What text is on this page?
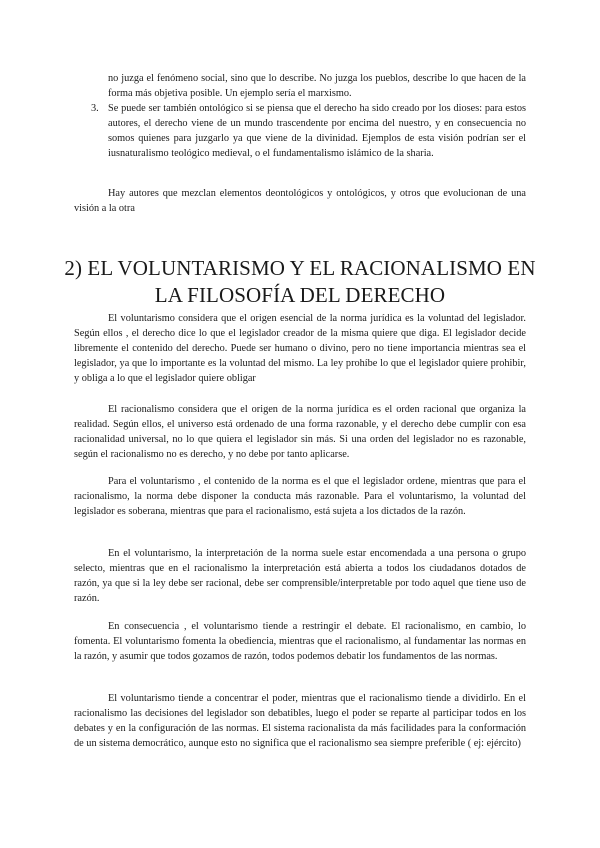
no juzga el fenómeno social, sino que lo describe. No juzga los pueblos, describe lo que hacen de la forma más objetiva posible. Un ejemplo sería el marxismo.

3. Se puede ser también ontológico si se piensa que el derecho ha sido creado por los dioses: para estos autores, el derecho viene de un mundo trascendente por encima del nuestro, y en consecuencia no somos quienes para juzgarlo ya que viene de la divinidad. Ejemplos de esta visión podrían ser el iusnaturalismo teológico medieval, o el fundamentalismo islámico de la sharia.

Hay autores que mezclan elementos deontológicos y ontológicos, y otros que evolucionan de una visión a la otra

2) EL VOLUNTARISMO Y EL RACIONALISMO EN LA FILOSOFÍA DEL DERECHO

El voluntarismo considera que el origen esencial de la norma jurídica es la voluntad del legislador. Según ellos , el derecho dice lo que el legislador creador de la misma quiere que diga. El legislador decide libremente el contenido del derecho. Puede ser humano o divino, pero no tiene importancia mientras sea el legislador, ya que lo importante es la voluntad del mismo. La ley prohíbe lo que el legislador quiere prohibir, y obliga a lo que el legislador quiere obligar

El racionalismo considera que el origen de la norma jurídica es el orden racional que organiza la realidad. Según ellos, el universo está ordenado de una forma razonable, y el derecho debe cumplir con esa racionalidad universal, no lo que quiera el legislador sin más. Si una orden del legislador no es razonable, según el racionalismo no es derecho, y no debe por tanto aplicarse.

Para el voluntarismo , el contenido de la norma es el que el legislador ordene, mientras que para el racionalismo, la norma debe disponer la conducta más razonable. Para el voluntarismo, la voluntad del legislador es soberana, mientras que para el racionalismo, está sujeta a los dictados de la razón.

En el voluntarismo, la interpretación de la norma suele estar encomendada a una persona o grupo selecto, mientras que en el racionalismo la interpretación está abierta a todos los ciudadanos dotados de razón, ya que si la ley debe ser racional, debe ser comprensible/interpretable por todo aquel que tiene uso de razón.

En consecuencia , el voluntarismo tiende a restringir el debate. El racionalismo, en cambio, lo fomenta. El voluntarismo fomenta la obediencia, mientras que el racionalismo, al fundamentar las normas en la razón, y asumir que todos gozamos de razón, todos podemos debatir los fundamentos de las normas.

El voluntarismo tiende a concentrar el poder, mientras que el racionalismo tiende a dividirlo. En el racionalismo las decisiones del legislador son debatibles, luego el poder se reparte al participar todos en los debates y en la configuración de las normas. El sistema racionalista da más facilidades para la conformación de un sistema democrático, aunque esto no significa que el racionalismo sea siempre preferible ( ej: ejército)
